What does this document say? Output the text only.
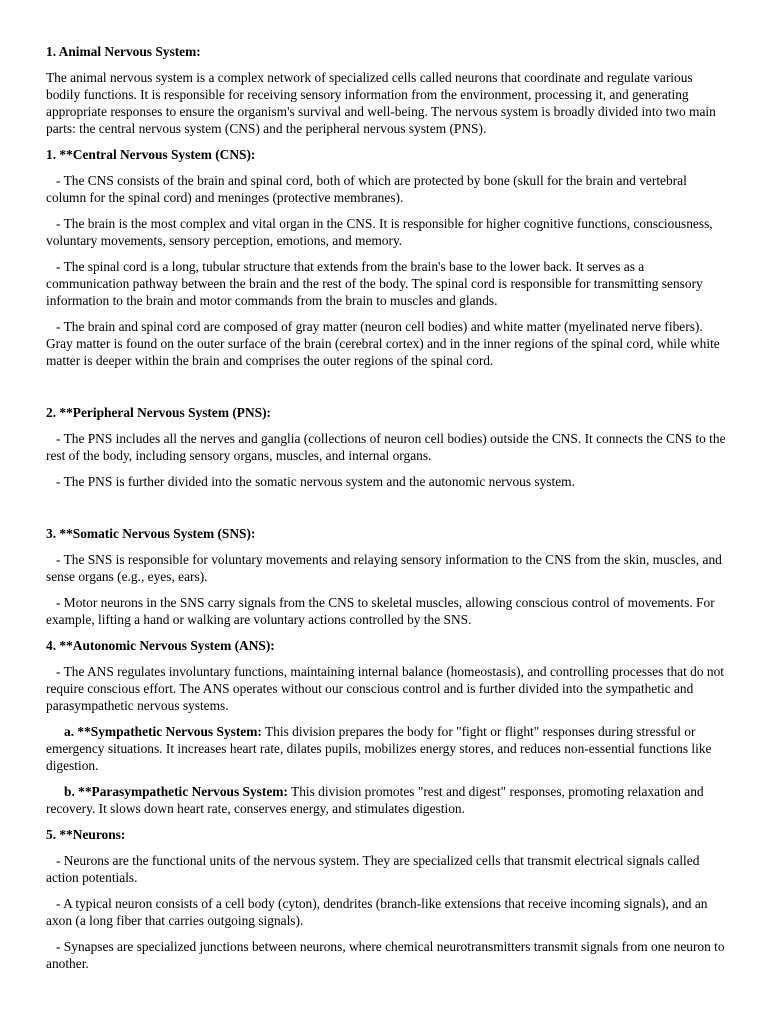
1. Animal Nervous System:
The animal nervous system is a complex network of specialized cells called neurons that coordinate and regulate various bodily functions. It is responsible for receiving sensory information from the environment, processing it, and generating appropriate responses to ensure the organism's survival and well-being. The nervous system is broadly divided into two main parts: the central nervous system (CNS) and the peripheral nervous system (PNS).
1. **Central Nervous System (CNS):
- The CNS consists of the brain and spinal cord, both of which are protected by bone (skull for the brain and vertebral column for the spinal cord) and meninges (protective membranes).
- The brain is the most complex and vital organ in the CNS. It is responsible for higher cognitive functions, consciousness, voluntary movements, sensory perception, emotions, and memory.
- The spinal cord is a long, tubular structure that extends from the brain's base to the lower back. It serves as a communication pathway between the brain and the rest of the body. The spinal cord is responsible for transmitting sensory information to the brain and motor commands from the brain to muscles and glands.
- The brain and spinal cord are composed of gray matter (neuron cell bodies) and white matter (myelinated nerve fibers). Gray matter is found on the outer surface of the brain (cerebral cortex) and in the inner regions of the spinal cord, while white matter is deeper within the brain and comprises the outer regions of the spinal cord.
2. **Peripheral Nervous System (PNS):
- The PNS includes all the nerves and ganglia (collections of neuron cell bodies) outside the CNS. It connects the CNS to the rest of the body, including sensory organs, muscles, and internal organs.
- The PNS is further divided into the somatic nervous system and the autonomic nervous system.
3. **Somatic Nervous System (SNS):
- The SNS is responsible for voluntary movements and relaying sensory information to the CNS from the skin, muscles, and sense organs (e.g., eyes, ears).
- Motor neurons in the SNS carry signals from the CNS to skeletal muscles, allowing conscious control of movements. For example, lifting a hand or walking are voluntary actions controlled by the SNS.
4. **Autonomic Nervous System (ANS):
- The ANS regulates involuntary functions, maintaining internal balance (homeostasis), and controlling processes that do not require conscious effort. The ANS operates without our conscious control and is further divided into the sympathetic and parasympathetic nervous systems.
a. **Sympathetic Nervous System: This division prepares the body for "fight or flight" responses during stressful or emergency situations. It increases heart rate, dilates pupils, mobilizes energy stores, and reduces non-essential functions like digestion.
b. **Parasympathetic Nervous System: This division promotes "rest and digest" responses, promoting relaxation and recovery. It slows down heart rate, conserves energy, and stimulates digestion.
5. **Neurons:
- Neurons are the functional units of the nervous system. They are specialized cells that transmit electrical signals called action potentials.
- A typical neuron consists of a cell body (cyton), dendrites (branch-like extensions that receive incoming signals), and an axon (a long fiber that carries outgoing signals).
- Synapses are specialized junctions between neurons, where chemical neurotransmitters transmit signals from one neuron to another.
